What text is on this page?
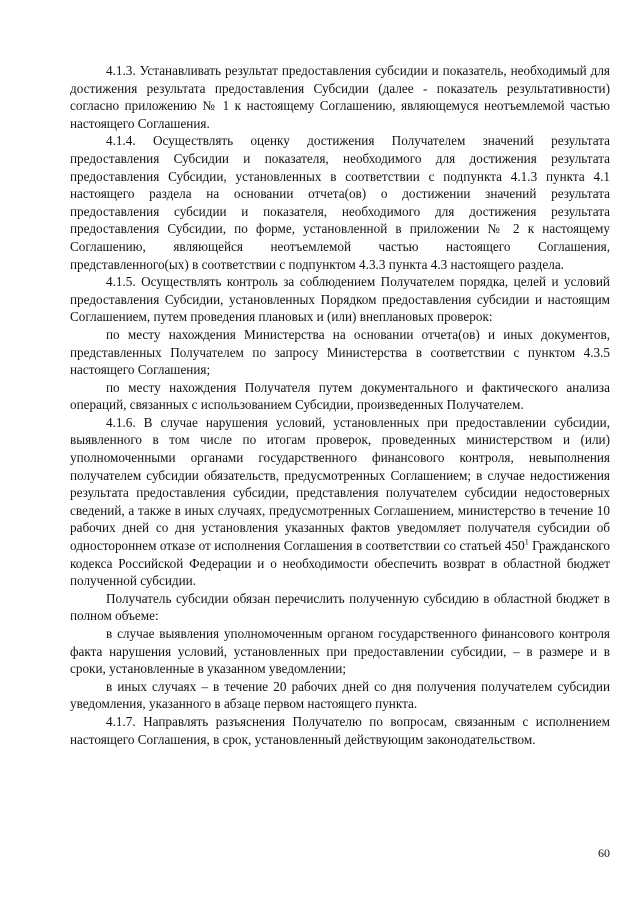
4.1.3. Устанавливать результат предоставления субсидии и показатель, необходимый для достижения результата предоставления Субсидии (далее - показатель результативности) согласно приложению № 1 к настоящему Соглашению, являющемуся неотъемлемой частью настоящего Соглашения.

4.1.4. Осуществлять оценку достижения Получателем значений результата предоставления Субсидии и показателя, необходимого для достижения результата предоставления Субсидии, установленных в соответствии с подпункта 4.1.3 пункта 4.1 настоящего раздела на основании отчета(ов) о достижении значений результата предоставления субсидии и показателя, необходимого для достижения результата предоставления Субсидии, по форме, установленной в приложении № 2 к настоящему Соглашению, являющейся неотъемлемой частью настоящего Соглашения, представленного(ых) в соответствии с подпунктом 4.3.3 пункта 4.3 настоящего раздела.

4.1.5. Осуществлять контроль за соблюдением Получателем порядка, целей и условий предоставления Субсидии, установленных Порядком предоставления субсидии и настоящим Соглашением, путем проведения плановых и (или) внеплановых проверок:

по месту нахождения Министерства на основании отчета(ов) и иных документов, представленных Получателем по запросу Министерства в соответствии с пунктом 4.3.5 настоящего Соглашения;

по месту нахождения Получателя путем документального и фактического анализа операций, связанных с использованием Субсидии, произведенных Получателем.

4.1.6. В случае нарушения условий, установленных при предоставлении субсидии, выявленного в том числе по итогам проверок, проведенных министерством и (или) уполномоченными органами государственного финансового контроля, невыполнения получателем субсидии обязательств, предусмотренных Соглашением; в случае недостижения результата предоставления субсидии, представления получателем субсидии недостоверных сведений, а также в иных случаях, предусмотренных Соглашением, министерство в течение 10 рабочих дней со дня установления указанных фактов уведомляет получателя субсидии об одностороннем отказе от исполнения Соглашения в соответствии со статьей $450^1$ Гражданского кодекса Российской Федерации и о необходимости обеспечить возврат в областной бюджет полученной субсидии.

Получатель субсидии обязан перечислить полученную субсидию в областной бюджет в полном объеме:

в случае выявления уполномоченным органом государственного финансового контроля факта нарушения условий, установленных при предоставлении субсидии, – в размере и в сроки, установленные в указанном уведомлении;

в иных случаях – в течение 20 рабочих дней со дня получения получателем субсидии уведомления, указанного в абзаце первом настоящего пункта.

4.1.7. Направлять разъяснения Получателю по вопросам, связанным с исполнением настоящего Соглашения, в срок, установленный действующим законодательством.

60
